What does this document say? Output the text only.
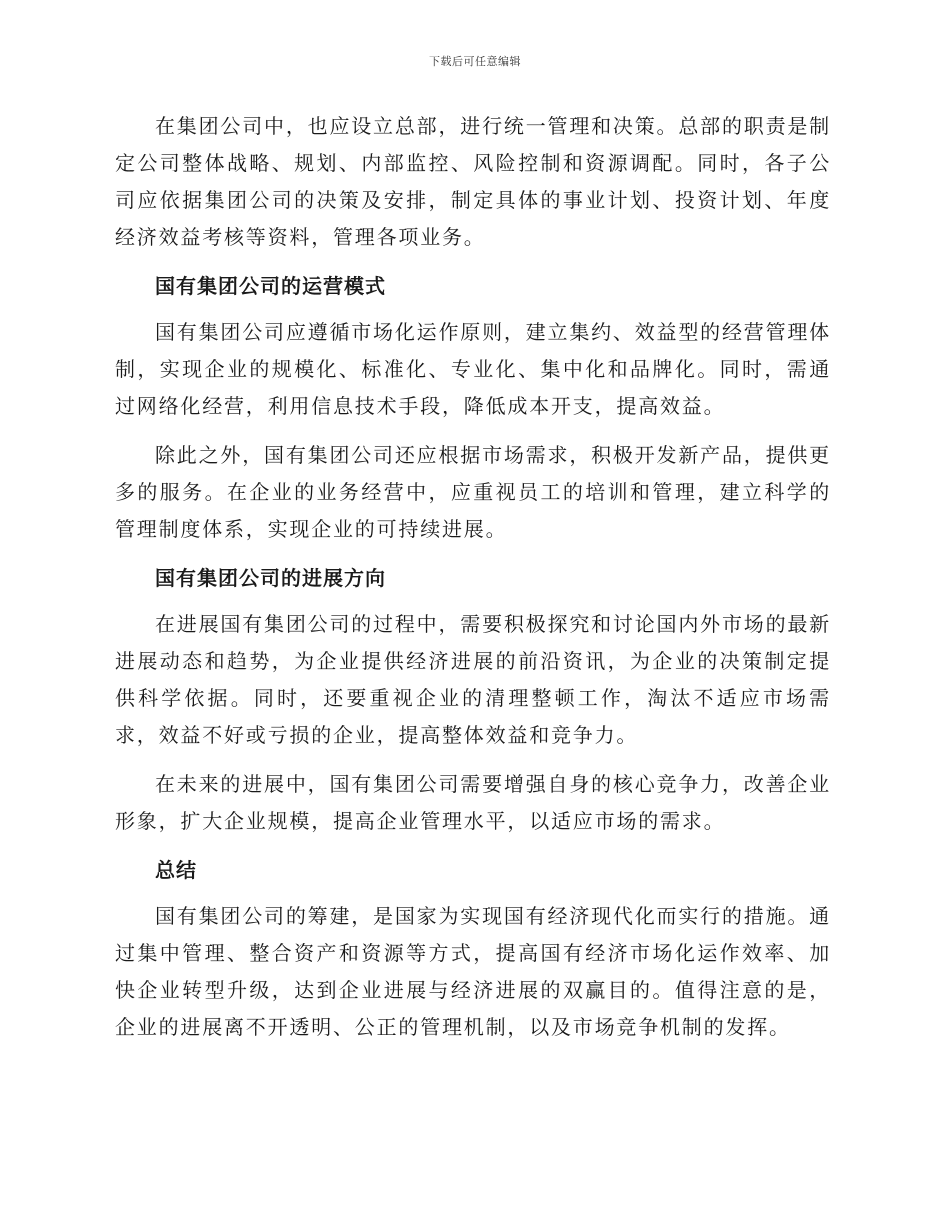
下载后可任意编辑

在集团公司中，也应设立总部，进行统一管理和决策。总部的职责是制定公司整体战略、规划、内部监控、风险控制和资源调配。同时，各子公司应依据集团公司的决策及安排，制定具体的事业计划、投资计划、年度经济效益考核等资料，管理各项业务。

国有集团公司的运营模式

国有集团公司应遵循市场化运作原则，建立集约、效益型的经营管理体制，实现企业的规模化、标准化、专业化、集中化和品牌化。同时，需通过网络化经营，利用信息技术手段，降低成本开支，提高效益。

除此之外，国有集团公司还应根据市场需求，积极开发新产品，提供更多的服务。在企业的业务经营中，应重视员工的培训和管理，建立科学的管理制度体系，实现企业的可持续进展。

国有集团公司的进展方向

在进展国有集团公司的过程中，需要积极探究和讨论国内外市场的最新进展动态和趋势，为企业提供经济进展的前沿资讯，为企业的决策制定提供科学依据。同时，还要重视企业的清理整顿工作，淘汰不适应市场需求，效益不好或亏损的企业，提高整体效益和竞争力。

在未来的进展中，国有集团公司需要增强自身的核心竞争力，改善企业形象，扩大企业规模，提高企业管理水平，以适应市场的需求。

总结

国有集团公司的筹建，是国家为实现国有经济现代化而实行的措施。通过集中管理、整合资产和资源等方式，提高国有经济市场化运作效率、加快企业转型升级，达到企业进展与经济进展的双赢目的。值得注意的是，企业的进展离不开透明、公正的管理机制，以及市场竞争机制的发挥。
